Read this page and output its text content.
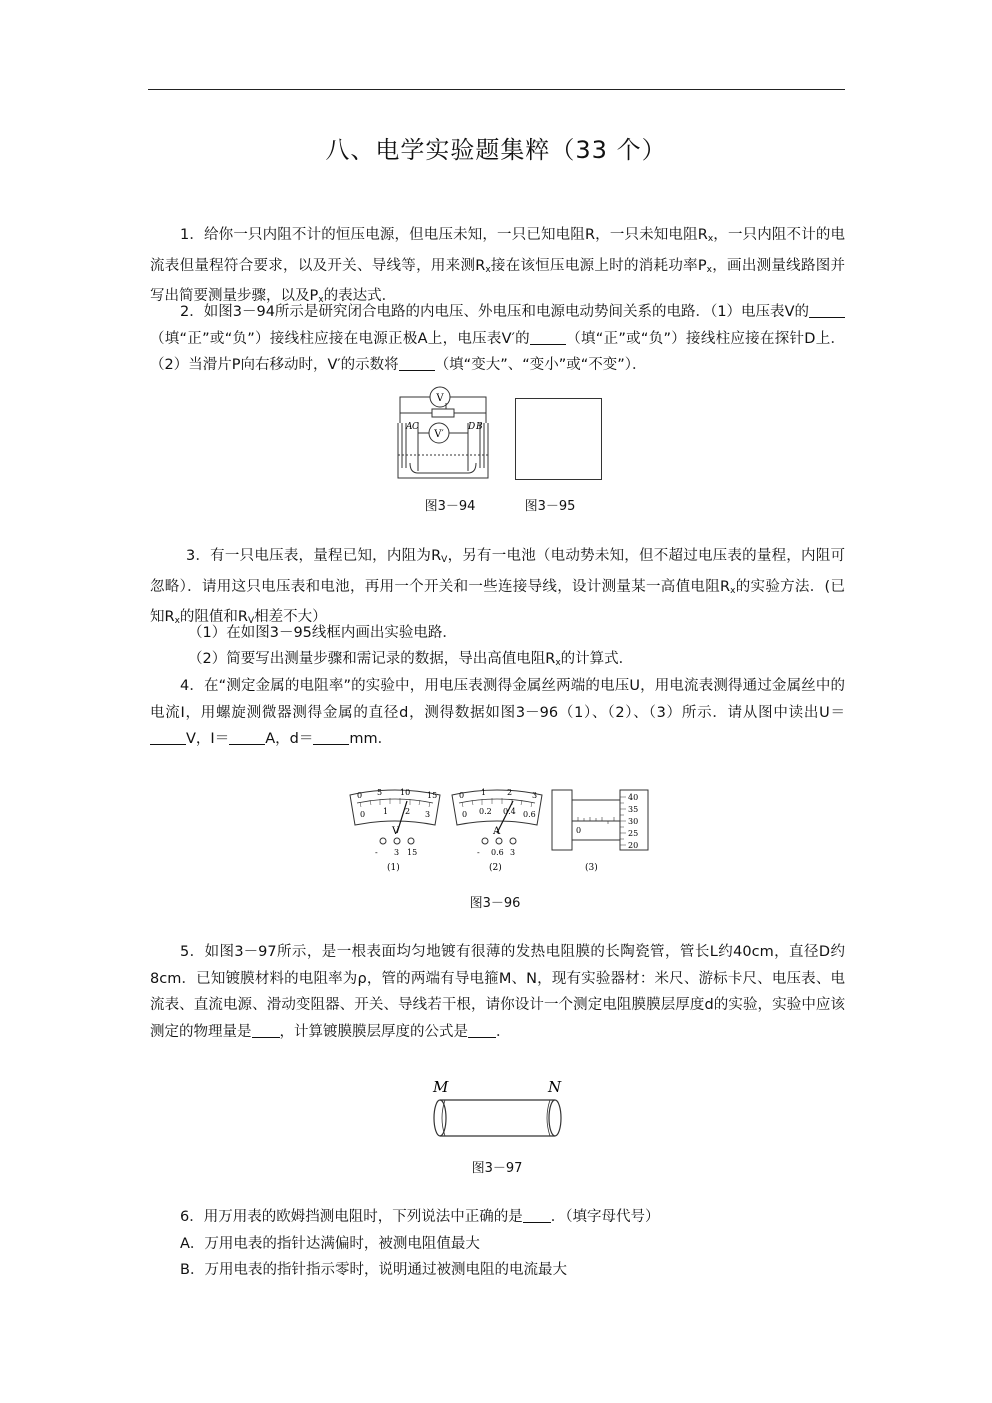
八、电学实验题集粹（33 个）

1．给你一只内阻不计的恒压电源，但电压未知，一只已知电阻R，一只未知电阻$R_x$，一只内阻不计的电流表但量程符合要求，以及开关、导线等，用来测$R_x$接在该恒压电源上时的消耗功率$P_x$，画出测量线路图并写出简要测量步骤，以及$P_x$的表达式．

2．如图3－94所示是研究闭合电路的内电压、外电压和电源电动势间关系的电路．（1）电压表V的（填“正”或“负”）接线柱应接在电源正极A上，电压表V′的 （填“正”或“负”）接线柱应接在探针D上．（2）当滑片P向右移动时，V′的示数将 （填“变大”、“变小”或“不变”）．

V
V′
A C	D B
图3－94	图3－95

3．有一只电压表，量程已知，内阻为$R_V$，另有一电池（电动势未知，但不超过电压表的量程，内阻可忽略）．请用这只电压表和电池，再用一个开关和一些连接导线，设计测量某一高值电阻$R_x$的实验方法．(已知$R_x$的阻值和$R_V$相差不大）

（1）在如图3－95线框内画出实验电路．

（2）简要写出测量步骤和需记录的数据，导出高值电阻$R_x$的计算式．

4．在“测定金属的电阻率”的实验中，用电压表测得金属丝两端的电压U，用电流表测得通过金属丝中的电流I，用螺旋测微器测得金属的直径d，测得数据如图3－96（1）、（2）、（3）所示．请从图中读出U＝V，I＝ A，d＝ mm．

0 5 10 15
0 1 2 3
V
- 3 15
(1)
0 1	2 3
0 0.2 0.4 0.6
A
- 0.6 3
(2)
0
40
35
30
25
20
(3)
图3－96

5．如图3－97所示，是一根表面均匀地镀有很薄的发热电阻膜的长陶瓷管，管长L约40cm，直径D约8cm．已知镀膜材料的电阻率为ρ，管的两端有导电箍M、N，现有实验器材：米尺、游标卡尺、电压表、电流表、直流电源、滑动变阻器、开关、导线若干根，请你设计一个测定电阻膜膜层厚度d的实验，实验中应该测定的物理量是 ，计算镀膜膜层厚度的公式是 ．

M	N
图3－97

6．用万用表的欧姆挡测电阻时，下列说法中正确的是 ．（填字母代号）

A．万用电表的指针达满偏时，被测电阻值最大

B．万用电表的指针指示零时，说明通过被测电阻的电流最大
